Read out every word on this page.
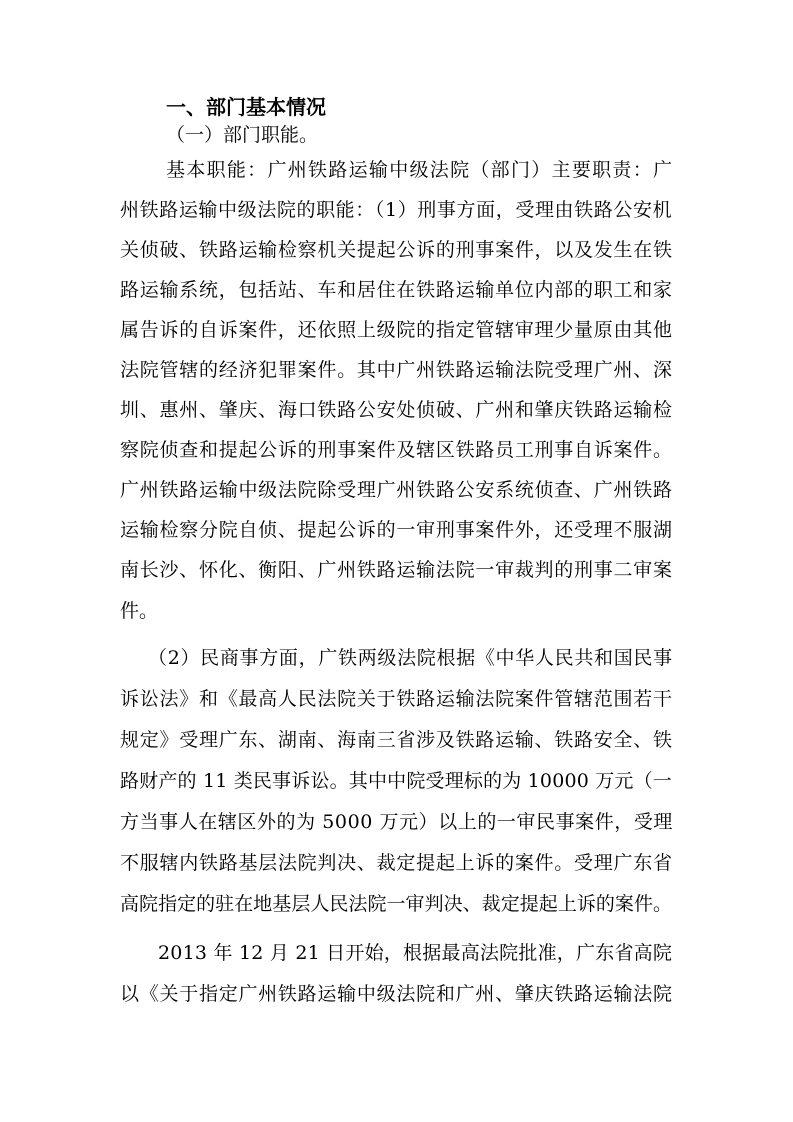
一、部门基本情况
（一）部门职能。
基本职能：广州铁路运输中级法院（部门）主要职责：广
州铁路运输中级法院的职能：（1）刑事方面，受理由铁路公安机
关侦破、铁路运输检察机关提起公诉的刑事案件，以及发生在铁
路运输系统，包括站、车和居住在铁路运输单位内部的职工和家
属告诉的自诉案件，还依照上级院的指定管辖审理少量原由其他
法院管辖的经济犯罪案件。其中广州铁路运输法院受理广州、深
圳、惠州、肇庆、海口铁路公安处侦破、广州和肇庆铁路运输检
察院侦查和提起公诉的刑事案件及辖区铁路员工刑事自诉案件。
广州铁路运输中级法院除受理广州铁路公安系统侦查、广州铁路
运输检察分院自侦、提起公诉的一审刑事案件外，还受理不服湖
南长沙、怀化、衡阳、广州铁路运输法院一审裁判的刑事二审案
件。
（2）民商事方面，广铁两级法院根据《中华人民共和国民事
诉讼法》和《最高人民法院关于铁路运输法院案件管辖范围若干
规定》受理广东、湖南、海南三省涉及铁路运输、铁路安全、铁
路财产的 11 类民事诉讼。其中中院受理标的为 10000 万元（一
方当事人在辖区外的为 5000 万元）以上的一审民事案件，受理
不服辖内铁路基层法院判决、裁定提起上诉的案件。受理广东省
高院指定的驻在地基层人民法院一审判决、裁定提起上诉的案件。
2013 年 12 月 21 日开始，根据最高法院批准，广东省高院
以《关于指定广州铁路运输中级法院和广州、肇庆铁路运输法院
